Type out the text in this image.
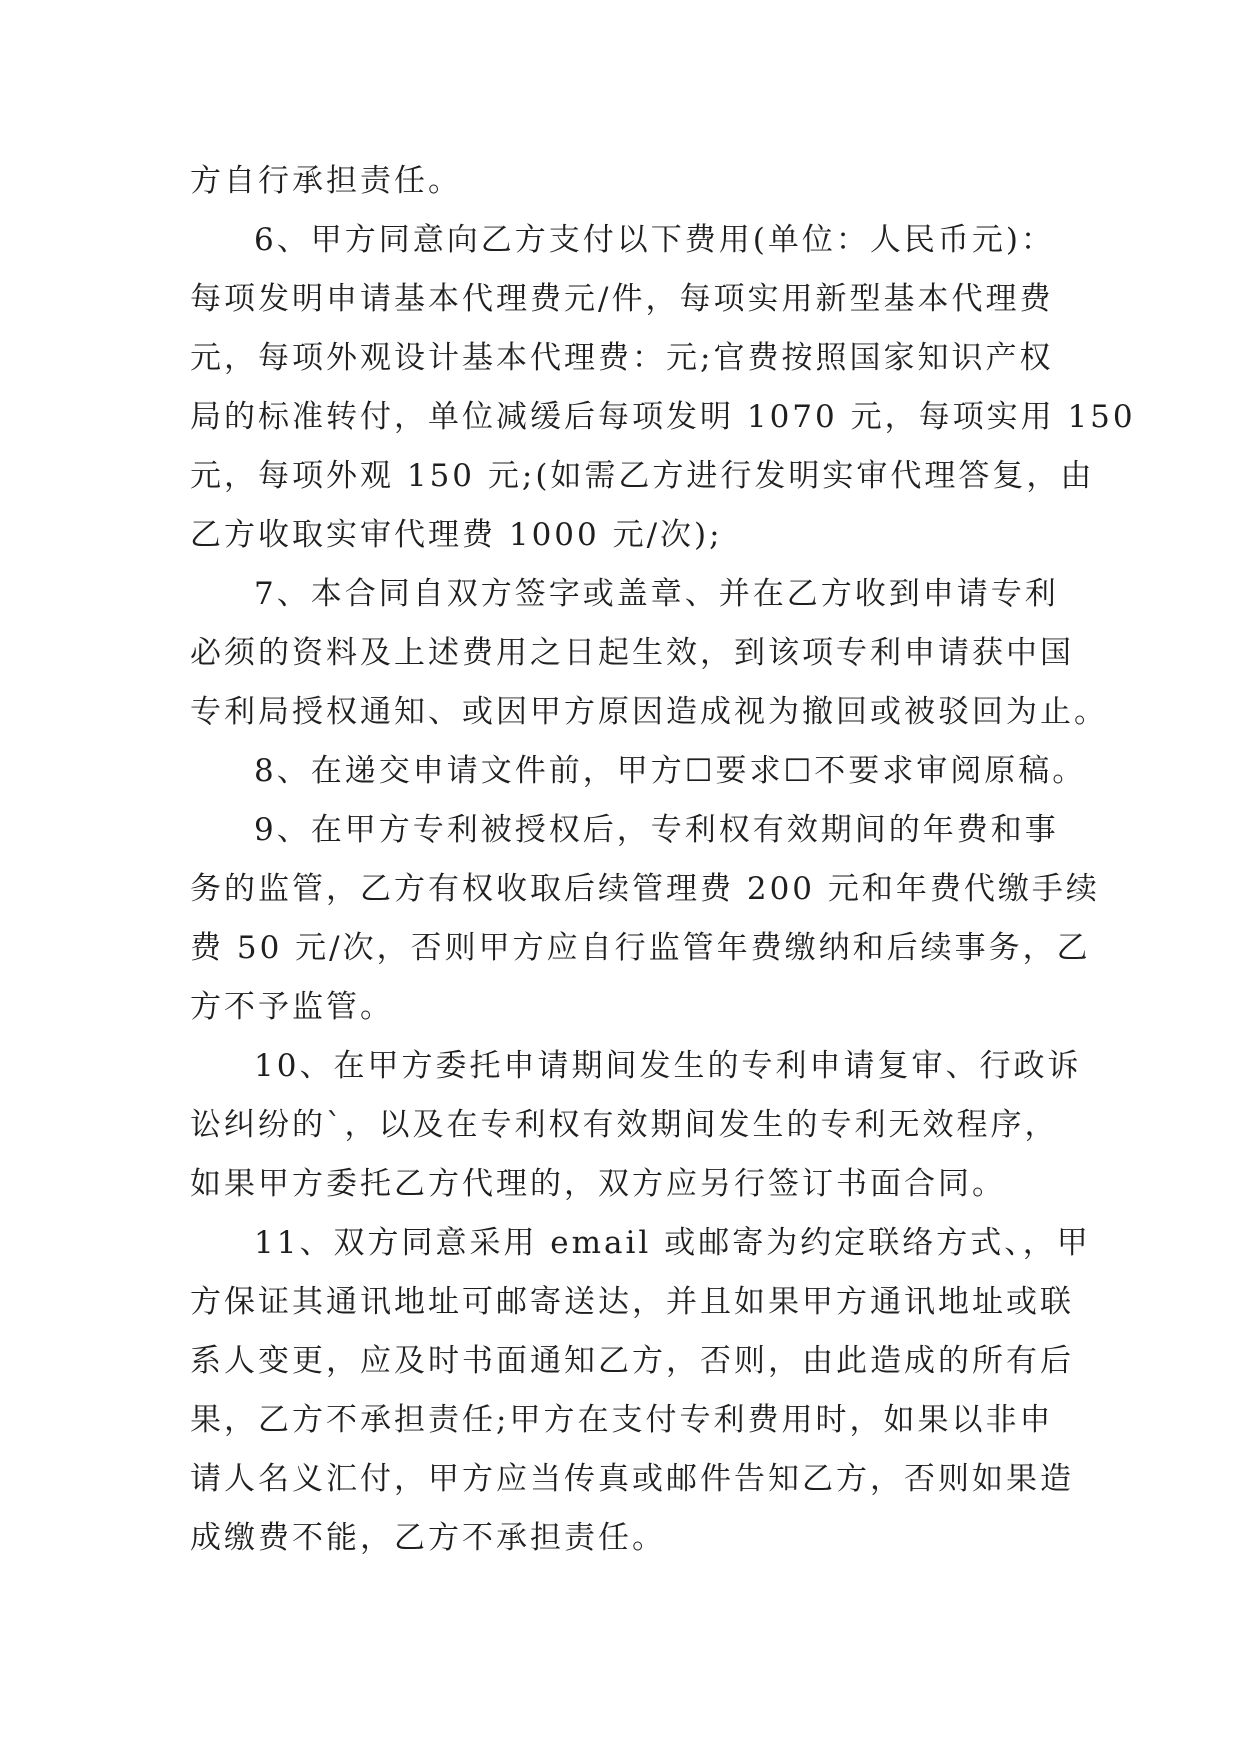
方自行承担责任。
6、甲方同意向乙方支付以下费用(单位：人民币元)：
每项发明申请基本代理费元/件，每项实用新型基本代理费
元，每项外观设计基本代理费：元;官费按照国家知识产权
局的标准转付，单位减缓后每项发明 1070 元，每项实用 150
元，每项外观 150 元;(如需乙方进行发明实审代理答复，由
乙方收取实审代理费 1000 元/次);
7、本合同自双方签字或盖章、并在乙方收到申请专利
必须的资料及上述费用之日起生效，到该项专利申请获中国
专利局授权通知、或因甲方原因造成视为撤回或被驳回为止。
8、在递交申请文件前，甲方☐要求☐不要求审阅原稿。
9、在甲方专利被授权后，专利权有效期间的年费和事
务的监管，乙方有权收取后续管理费 200 元和年费代缴手续
费 50 元/次，否则甲方应自行监管年费缴纳和后续事务，乙
方不予监管。
10、在甲方委托申请期间发生的专利申请复审、行政诉
讼纠纷的`，以及在专利权有效期间发生的专利无效程序，
如果甲方委托乙方代理的，双方应另行签订书面合同。
11、双方同意采用 email 或邮寄为约定联络方式、，甲
方保证其通讯地址可邮寄送达，并且如果甲方通讯地址或联
系人变更，应及时书面通知乙方，否则，由此造成的所有后
果，乙方不承担责任;甲方在支付专利费用时，如果以非申
请人名义汇付，甲方应当传真或邮件告知乙方，否则如果造
成缴费不能，乙方不承担责任。
